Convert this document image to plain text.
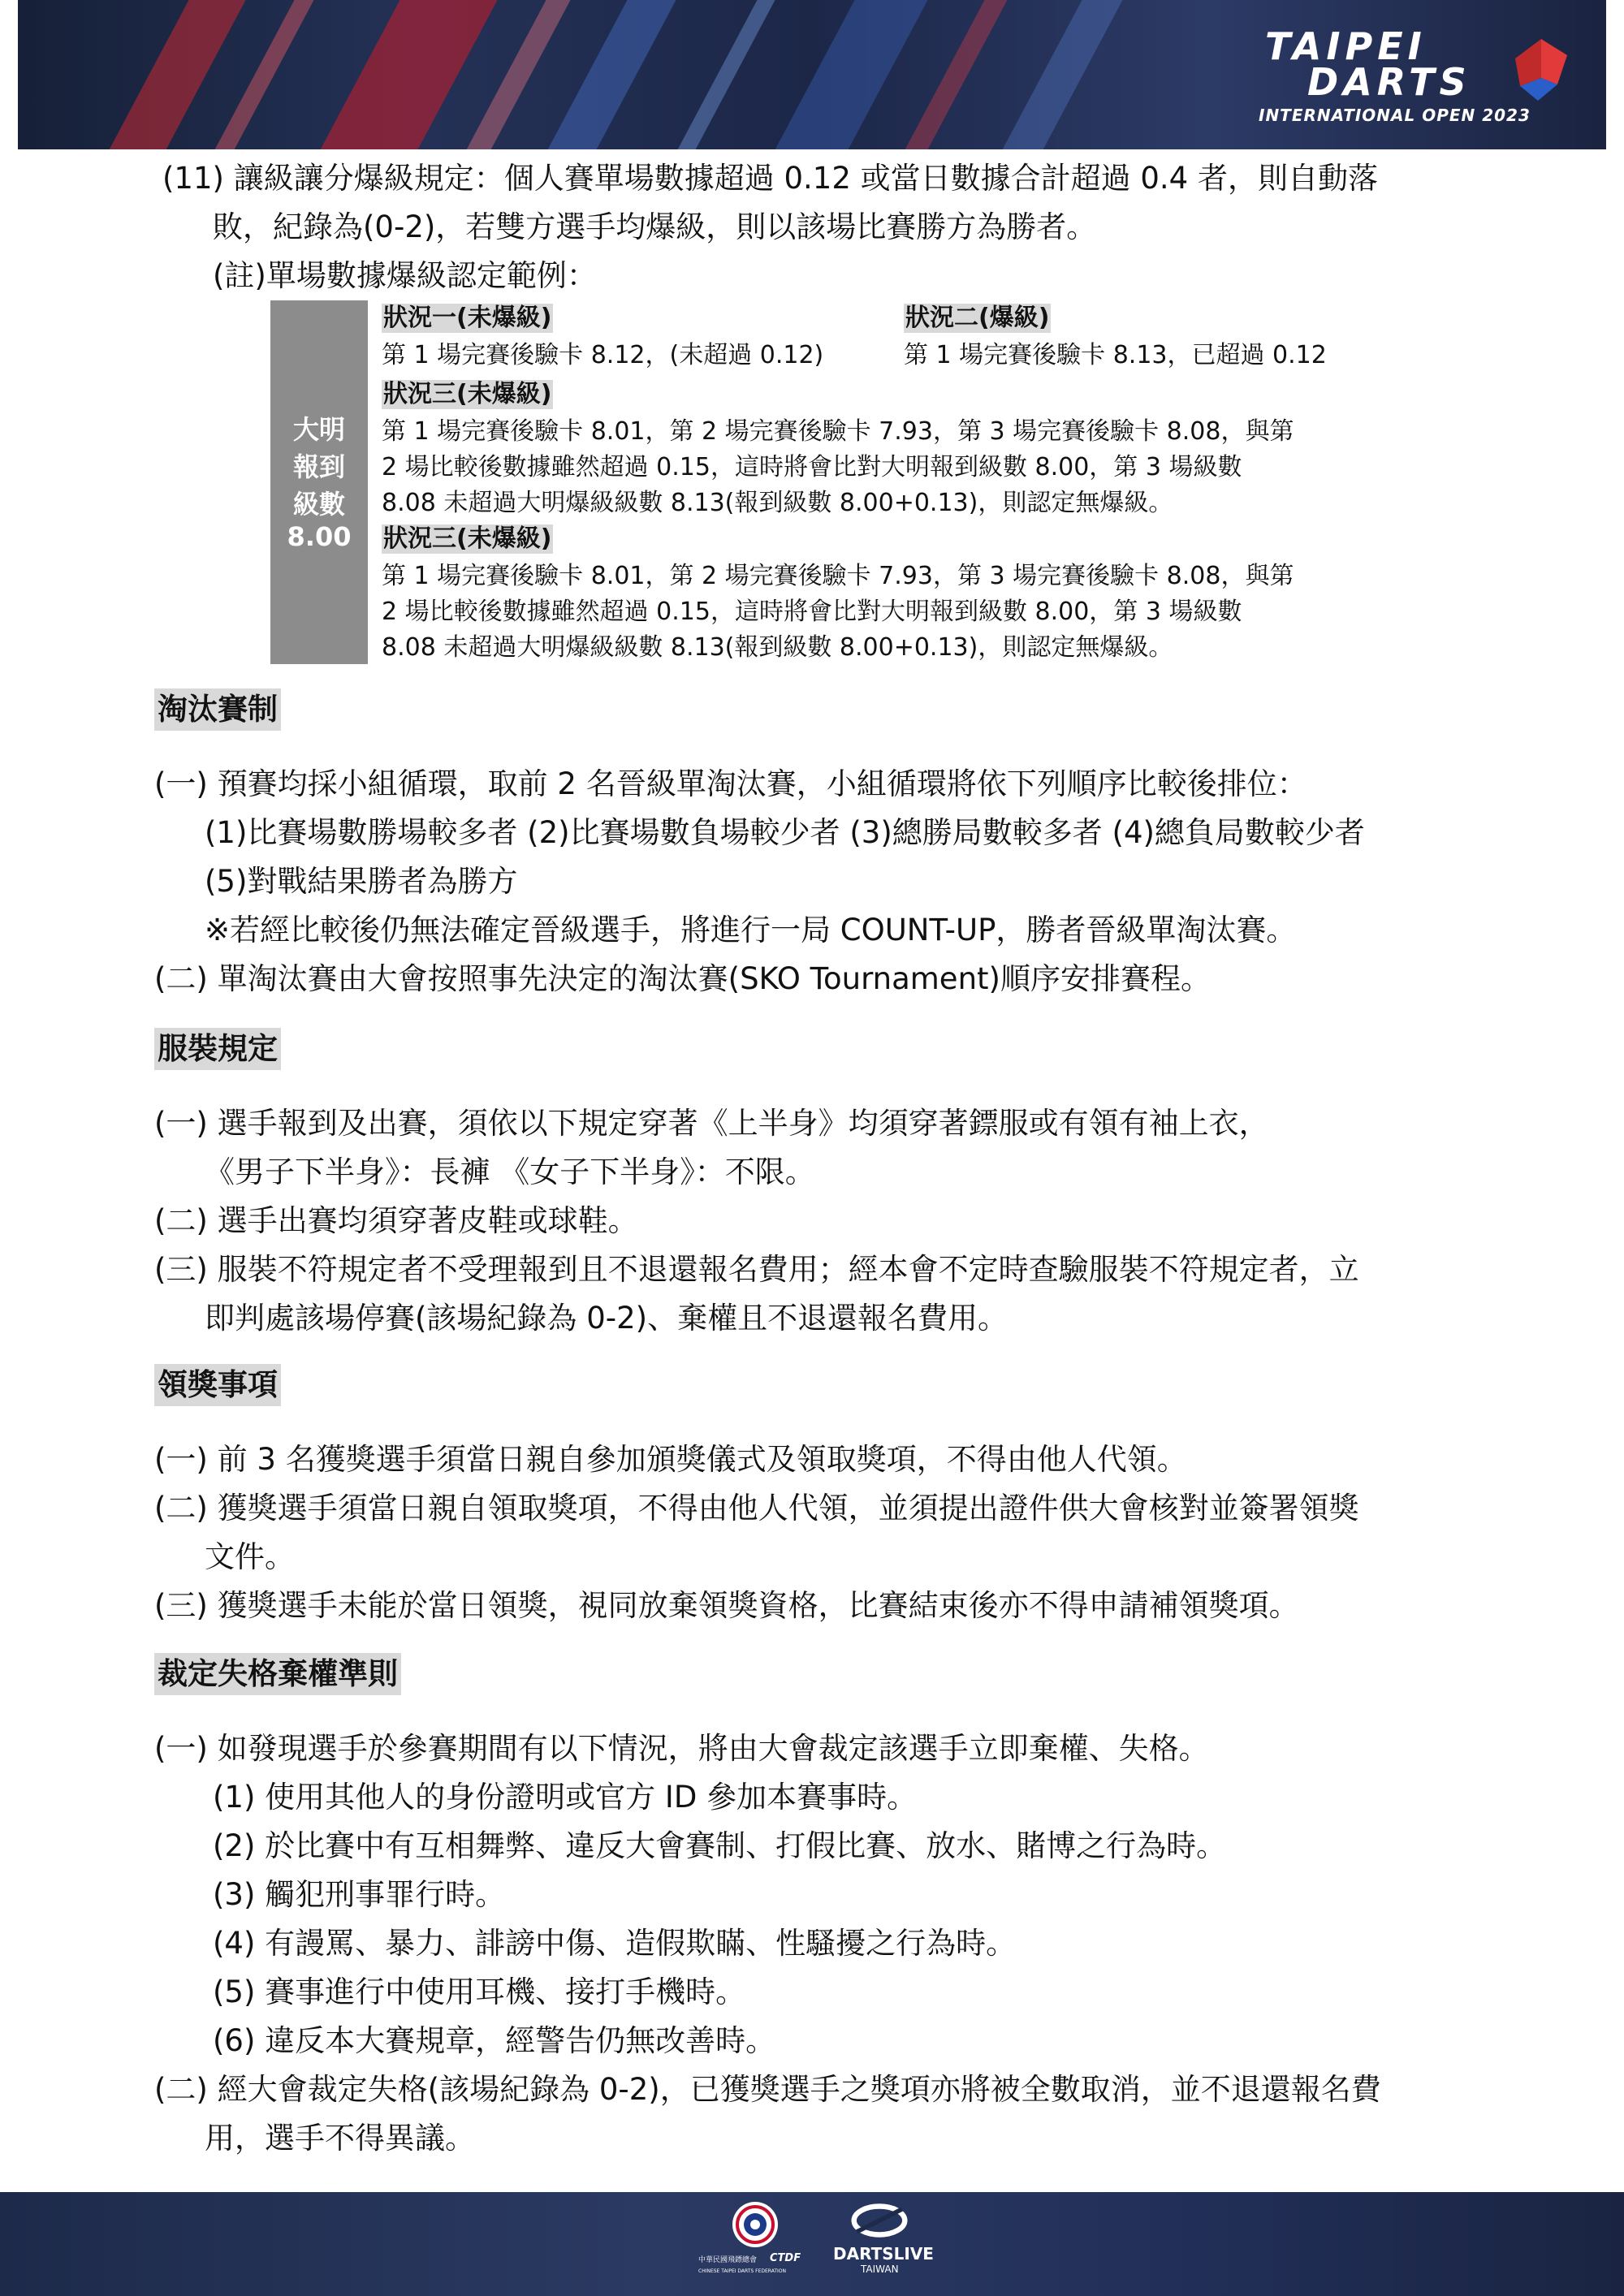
TAIPEI
DARTS
INTERNATIONAL OPEN 2023
(11) 讓級讓分爆級規定：個人賽單場數據超過 0.12 或當日數據合計超過 0.4 者，則自動落
敗，紀錄為(0-2)，若雙方選手均爆級，則以該場比賽勝方為勝者。
(註)單場數據爆級認定範例：
大明
報到
級數
8.00
狀況一(未爆級)
第 1 場完賽後驗卡 8.12，(未超過 0.12)
狀況二(爆級)
第 1 場完賽後驗卡 8.13，已超過 0.12
狀況三(未爆級)
第 1 場完賽後驗卡 8.01，第 2 場完賽後驗卡 7.93，第 3 場完賽後驗卡 8.08，與第
2 場比較後數據雖然超過 0.15，這時將會比對大明報到級數 8.00，第 3 場級數
8.08 未超過大明爆級級數 8.13(報到級數 8.00+0.13)，則認定無爆級。
狀況三(未爆級)
第 1 場完賽後驗卡 8.01，第 2 場完賽後驗卡 7.93，第 3 場完賽後驗卡 8.08，與第
2 場比較後數據雖然超過 0.15，這時將會比對大明報到級數 8.00，第 3 場級數
8.08 未超過大明爆級級數 8.13(報到級數 8.00+0.13)，則認定無爆級。
淘汰賽制
(一) 預賽均採小組循環，取前 2 名晉級單淘汰賽，小組循環將依下列順序比較後排位：
(1)比賽場數勝場較多者 (2)比賽場數負場較少者 (3)總勝局數較多者 (4)總負局數較少者
(5)對戰結果勝者為勝方
※若經比較後仍無法確定晉級選手，將進行一局 COUNT-UP，勝者晉級單淘汰賽。
(二) 單淘汰賽由大會按照事先決定的淘汰賽(SKO Tournament)順序安排賽程。
服裝規定
(一) 選手報到及出賽，須依以下規定穿著《上半身》均須穿著鏢服或有領有袖上衣，
《男子下半身》：長褲 《女子下半身》：不限。
(二) 選手出賽均須穿著皮鞋或球鞋。
(三) 服裝不符規定者不受理報到且不退還報名費用；經本會不定時查驗服裝不符規定者，立
即判處該場停賽(該場紀錄為 0-2)、棄權且不退還報名費用。
領獎事項
(一) 前 3 名獲獎選手須當日親自參加頒獎儀式及領取獎項，不得由他人代領。
(二) 獲獎選手須當日親自領取獎項，不得由他人代領，並須提出證件供大會核對並簽署領獎
文件。
(三) 獲獎選手未能於當日領獎，視同放棄領獎資格，比賽結束後亦不得申請補領獎項。
裁定失格棄權準則
(一) 如發現選手於參賽期間有以下情況，將由大會裁定該選手立即棄權、失格。
(1) 使用其他人的身份證明或官方 ID 參加本賽事時。
(2) 於比賽中有互相舞弊、違反大會賽制、打假比賽、放水、賭博之行為時。
(3) 觸犯刑事罪行時。
(4) 有謾罵、暴力、誹謗中傷、造假欺瞞、性騷擾之行為時。
(5) 賽事進行中使用耳機、接打手機時。
(6) 違反本大賽規章，經警告仍無改善時。
(二) 經大會裁定失格(該場紀錄為 0-2)，已獲獎選手之獎項亦將被全數取消，並不退還報名費
用，選手不得異議。
中華民國飛鏢總會 CTDF
CHINESE TAIPEI DARTS FEDERATION
DARTSLIVE
TAIWAN
